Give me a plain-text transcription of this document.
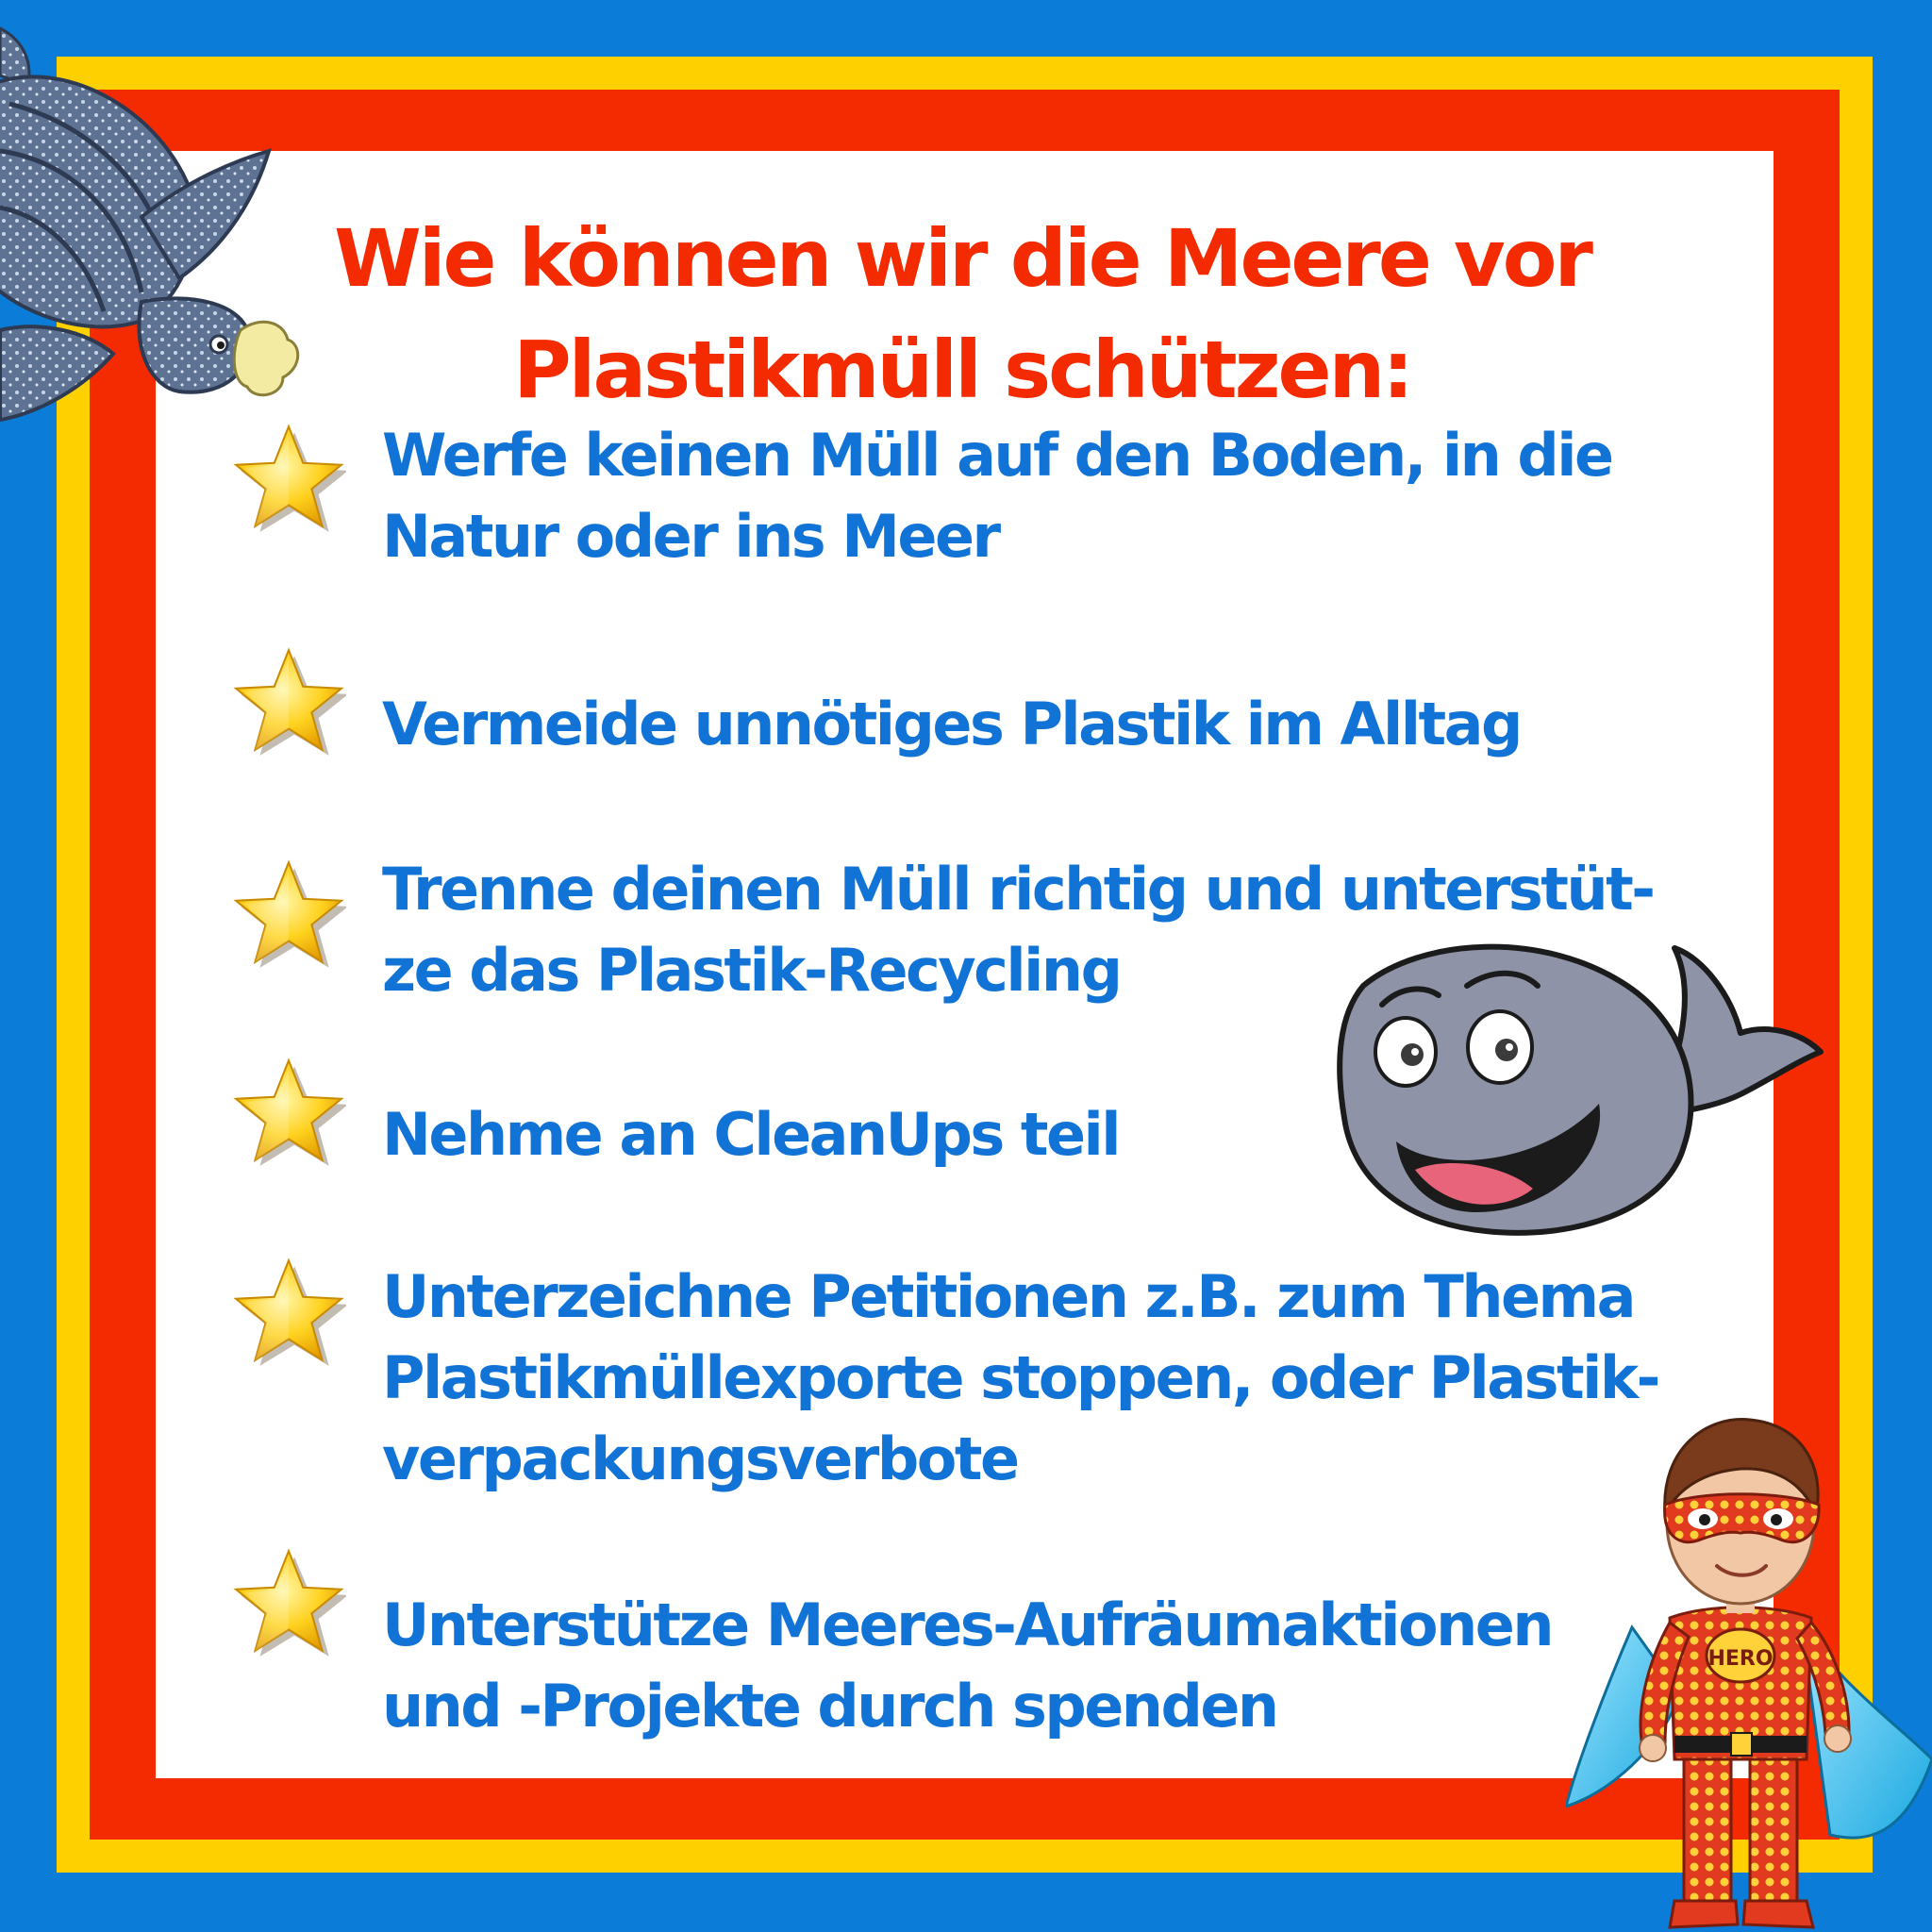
Wie können wir die Meere vor
Plastikmüll schützen:

Werfe keinen Müll auf den Boden, in die
Natur oder ins Meer

Vermeide unnötiges Plastik im Alltag

Trenne deinen Müll richtig und unterstüt-
ze das Plastik-Recycling

Nehme an CleanUps teil

Unterzeichne Petitionen z.B. zum Thema
Plastikmüllexporte stoppen, oder Plastik-
verpackungsverbote

Unterstütze Meeres-Aufräumaktionen
und -Projekte durch spenden

HERO
